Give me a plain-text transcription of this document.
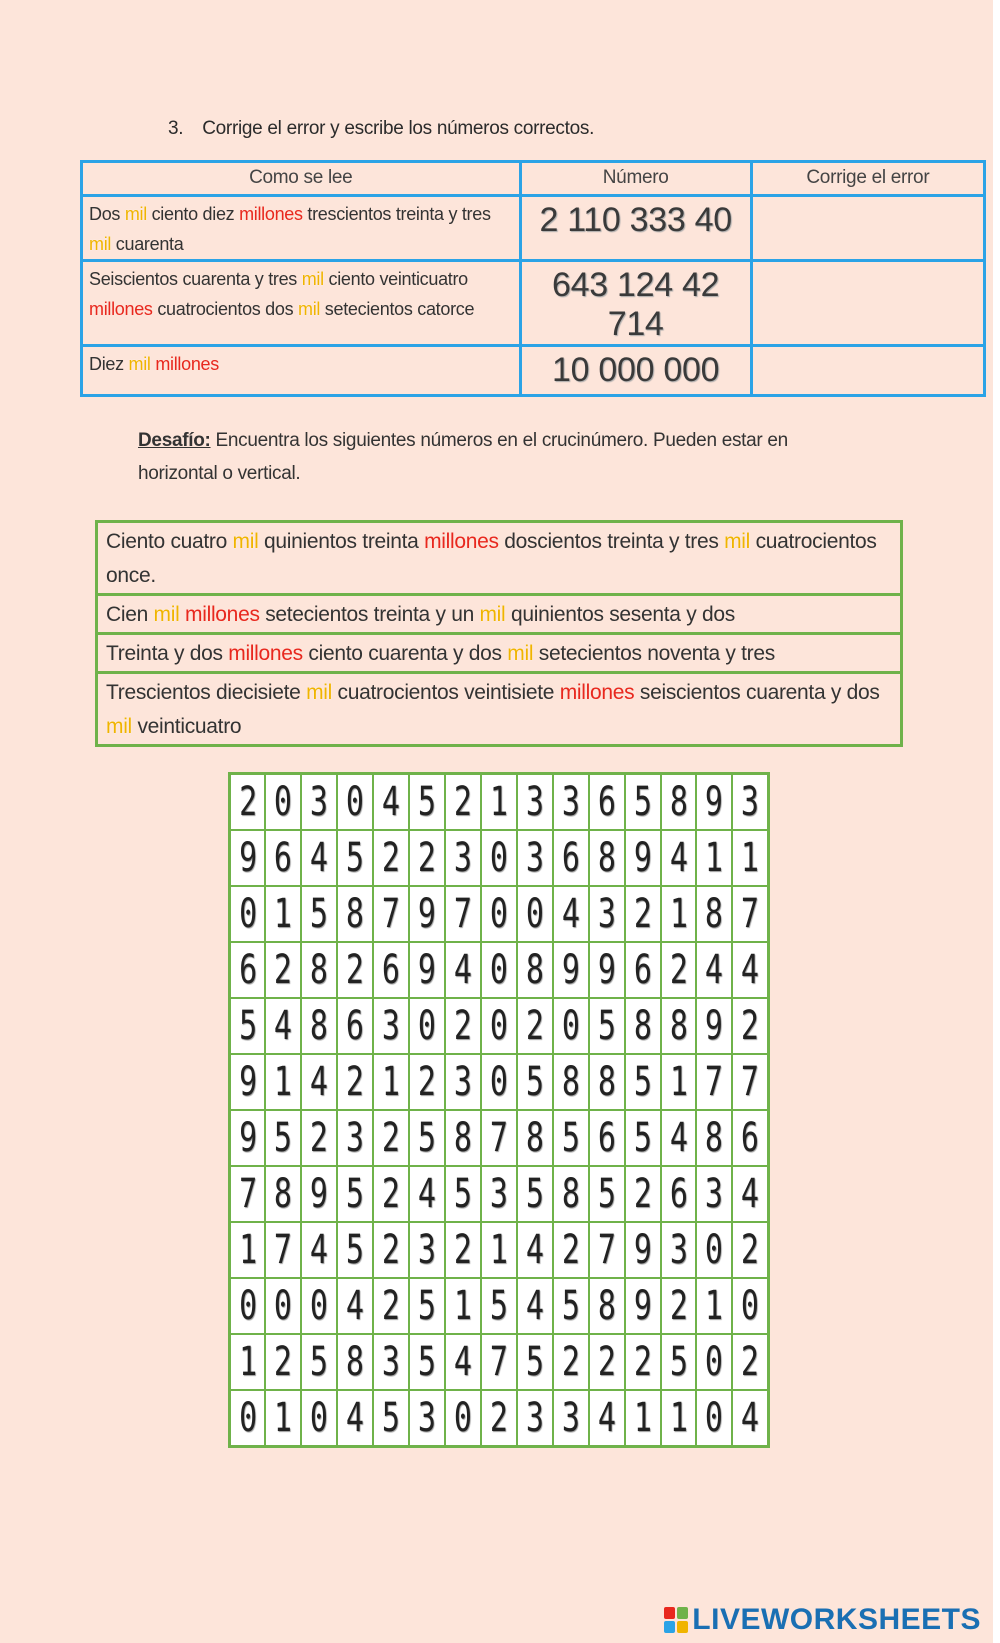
3. Corrige el error y escribe los números correctos.
Como se lee	Número	Corrige el error
Dos mil ciento diez millones trescientos treinta y tres mil cuarenta	2 110 333 40	
Seiscientos cuarenta y tres mil ciento veinticuatro millones cuatrocientos dos mil setecientos catorce	643 124 42 714	
Diez mil millones	10 000 000	
Desafío: Encuentra los siguientes números en el crucinúmero. Pueden estar en horizontal o vertical.
Ciento cuatro mil quinientos treinta millones doscientos treinta y tres mil cuatrocientos once.
Cien mil millones setecientos treinta y un mil quinientos sesenta y dos
Treinta y dos millones ciento cuarenta y dos mil setecientos noventa y tres
Trescientos diecisiete mil cuatrocientos veintisiete millones seiscientos cuarenta y dos mil veinticuatro
2	0	3	0	4	5	2	1	3	3	6	5	8	9	3
9	6	4	5	2	2	3	0	3	6	8	9	4	1	1
0	1	5	8	7	9	7	0	0	4	3	2	1	8	7
6	2	8	2	6	9	4	0	8	9	9	6	2	4	4
5	4	8	6	3	0	2	0	2	0	5	8	8	9	2
9	1	4	2	1	2	3	0	5	8	8	5	1	7	7
9	5	2	3	2	5	8	7	8	5	6	5	4	8	6
7	8	9	5	2	4	5	3	5	8	5	2	6	3	4
1	7	4	5	2	3	2	1	4	2	7	9	3	0	2
0	0	0	4	2	5	1	5	4	5	8	9	2	1	0
1	2	5	8	3	5	4	7	5	2	2	2	5	0	2
0	1	0	4	5	3	0	2	3	3	4	1	1	0	4
LIVEWORKSHEETS
